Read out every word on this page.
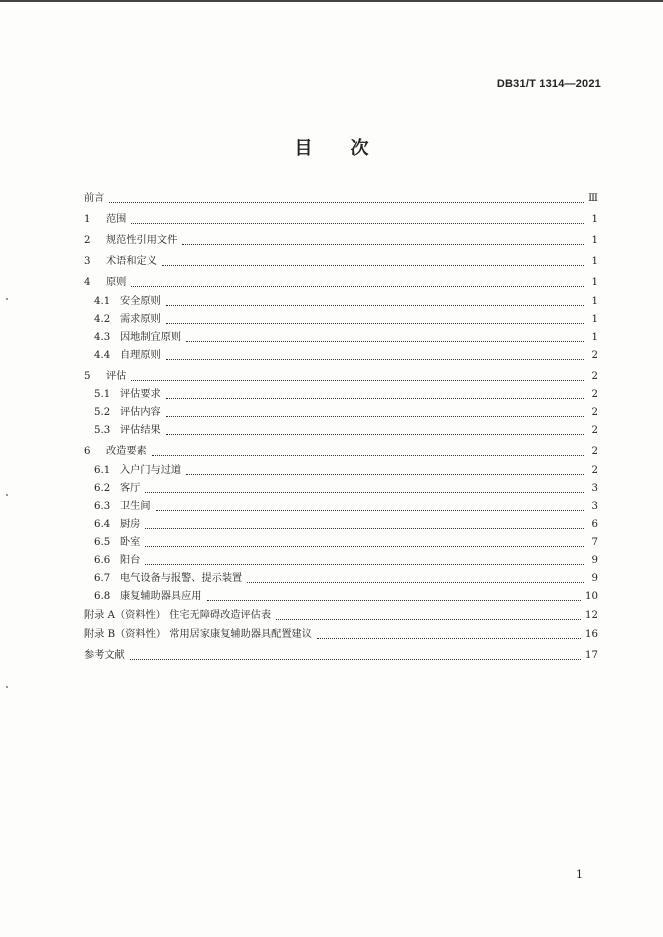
DB31/T 1314—2021
目 次
前言	Ⅲ
1	范围	1
2	规范性引用文件	1
3	术语和定义	1
4	原则	1
4.1 安全原则	1
4.2 需求原则	1
4.3 因地制宜原则	1
4.4 自理原则	2
5	评估	2
5.1 评估要求	2
5.2 评估内容	2
5.3 评估结果	2
6	改造要素	2
6.1 入户门与过道	2
6.2 客厅	3
6.3 卫生间	3
6.4 厨房	6
6.5 卧室	7
6.6 阳台	9
6.7 电气设备与报警、提示装置	9
6.8 康复辅助器具应用	10
附录 A（资料性） 住宅无障碍改造评估表	12
附录 B（资料性） 常用居家康复辅助器具配置建议	16
参考文献	17
1
